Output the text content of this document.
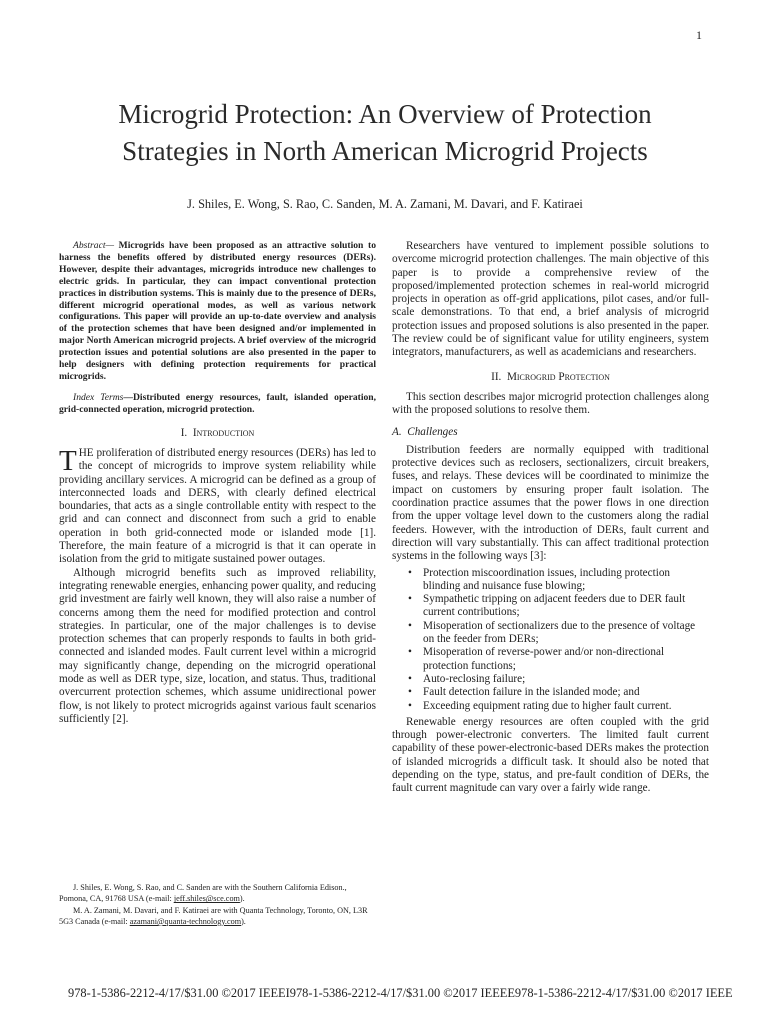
1
Microgrid Protection: An Overview of Protection
Strategies in North American Microgrid Projects
J. Shiles, E. Wong, S. Rao, C. Sanden, M. A. Zamani, M. Davari, and F. Katiraei

Abstract— Microgrids have been proposed as an attractive solution to harness the benefits offered by distributed energy resources (DERs). However, despite their advantages, microgrids introduce new challenges to electric grids. In particular, they can impact conventional protection practices in distribution systems. This is mainly due to the presence of DERs, different microgrid operational modes, as well as various network configurations. This paper will provide an up-to-date overview and analysis of the protection schemes that have been designed and/or implemented in major North American microgrid projects. A brief overview of the microgrid protection issues and potential solutions are also presented in the paper to help designers with defining protection requirements for practical microgrids.

Index Terms—Distributed energy resources, fault, islanded operation, grid-connected operation, microgrid protection.

I. Introduction

THE proliferation of distributed energy resources (DERs) has led to the concept of microgrids to improve system reliability while providing ancillary services. A microgrid can be defined as a group of interconnected loads and DERS, with clearly defined electrical boundaries, that acts as a single controllable entity with respect to the grid and can connect and disconnect from such a grid to enable operation in both grid-connected mode or islanded mode [1]. Therefore, the main feature of a microgrid is that it can operate in isolation from the grid to mitigate sustained power outages.

Although microgrid benefits such as improved reliability, integrating renewable energies, enhancing power quality, and reducing grid investment are fairly well known, they will also raise a number of concerns among them the need for modified protection and control strategies. In particular, one of the major challenges is to devise protection schemes that can properly responds to faults in both grid-connected and islanded modes. Fault current level within a microgrid may significantly change, depending on the microgrid operational mode as well as DER type, size, location, and status. Thus, traditional overcurrent protection schemes, which assume unidirectional power flow, is not likely to protect microgrids against various fault scenarios sufficiently [2].

J. Shiles, E. Wong, S. Rao, and C. Sanden are with the Southern California Edison., Pomona, CA, 91768 USA (e-mail: jeff.shiles@sce.com).

M. A. Zamani, M. Davari, and F. Katiraei are with Quanta Technology, Toronto, ON, L3R 5G3 Canada (e-mail: azamani@quanta-technology.com).

Researchers have ventured to implement possible solutions to overcome microgrid protection challenges. The main objective of this paper is to provide a comprehensive review of the proposed/implemented protection schemes in real-world microgrid projects in operation as off-grid applications, pilot cases, and/or full-scale demonstrations. To that end, a brief analysis of microgrid protection issues and proposed solutions is also presented in the paper. The review could be of significant value for utility engineers, system integrators, manufacturers, as well as academicians and researchers.

II. Microgrid Protection

This section describes major microgrid protection challenges along with the proposed solutions to resolve them.

A. Challenges

Distribution feeders are normally equipped with traditional protective devices such as reclosers, sectionalizers, circuit breakers, fuses, and relays. These devices will be coordinated to minimize the impact on customers by ensuring proper fault isolation. The coordination practice assumes that the power flows in one direction from the upper voltage level down to the customers along the radial feeders. However, with the introduction of DERs, fault current and direction will vary substantially. This can affect traditional protection systems in the following ways [3]:

• Protection miscoordination issues, including protection blinding and nuisance fuse blowing;
• Sympathetic tripping on adjacent feeders due to DER fault current contributions;
• Misoperation of sectionalizers due to the presence of voltage on the feeder from DERs;
• Misoperation of reverse-power and/or non-directional protection functions;
• Auto-reclosing failure;
• Fault detection failure in the islanded mode; and
• Exceeding equipment rating due to higher fault current.

Renewable energy resources are often coupled with the grid through power-electronic converters. The limited fault current capability of these power-electronic-based DERs makes the protection of islanded microgrids a difficult task. It should also be noted that depending on the type, status, and pre-fault condition of DERs, the fault current magnitude can vary over a fairly wide range.

978-1-5386-2212-4/17/$31.00 ©2017 IEEEI978-1-5386-2212-4/17/$31.00 ©2017 IEEEE978-1-5386-2212-4/17/$31.00 ©2017 IEEE
